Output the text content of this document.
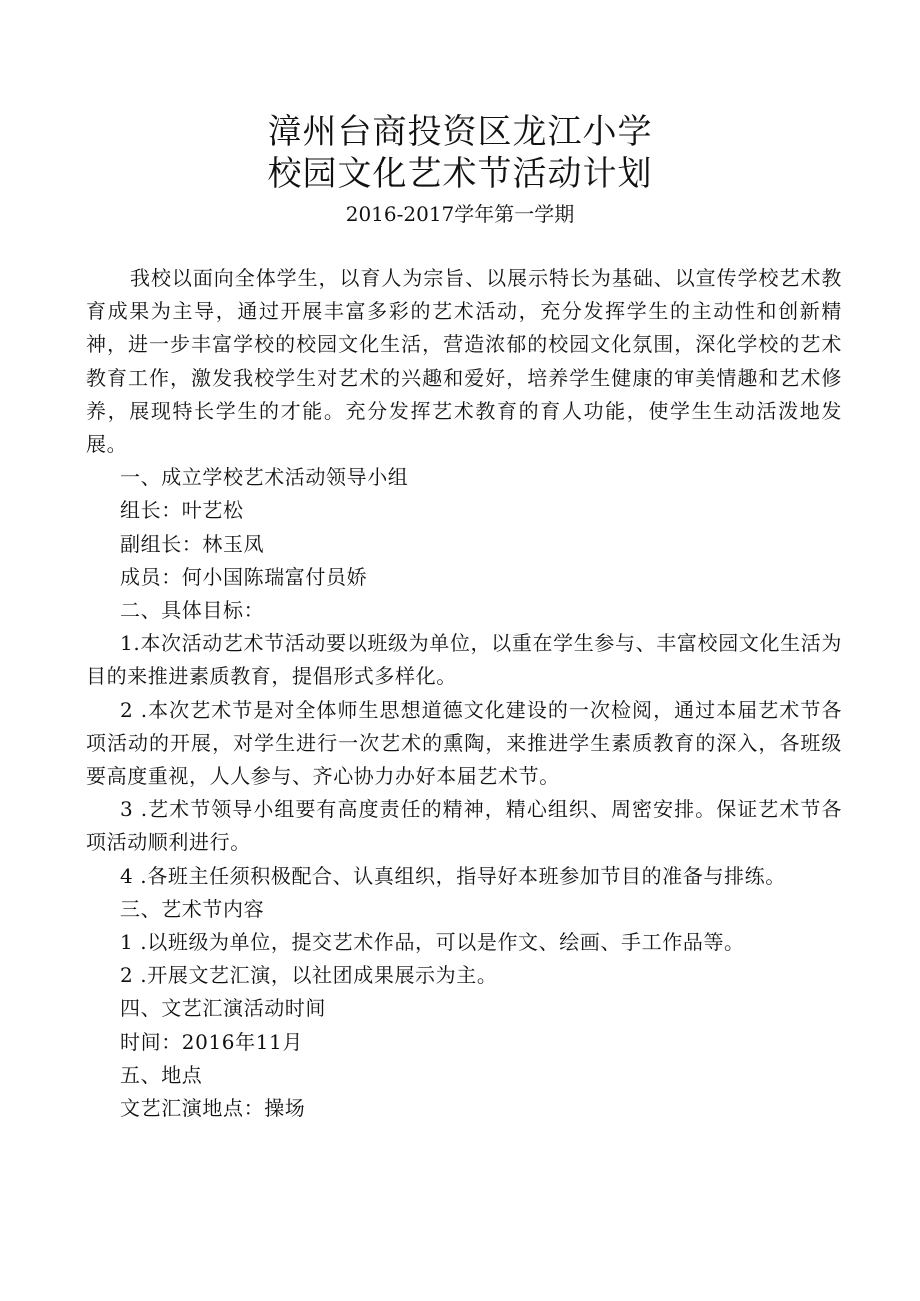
漳州台商投资区龙江小学
校园文化艺术节活动计划
2016-2017学年第一学期

我校以面向全体学生，以育人为宗旨、以展示特长为基础、以宣传学校艺术教育成果为主导，通过开展丰富多彩的艺术活动，充分发挥学生的主动性和创新精神，进一步丰富学校的校园文化生活，营造浓郁的校园文化氛围，深化学校的艺术教育工作，激发我校学生对艺术的兴趣和爱好，培养学生健康的审美情趣和艺术修养，展现特长学生的才能。充分发挥艺术教育的育人功能，使学生生动活泼地发展。

一、成立学校艺术活动领导小组

组长：叶艺松

副组长：林玉凤

成员：何小国陈瑞富付员娇

二、具体目标：

1.本次活动艺术节活动要以班级为单位，以重在学生参与、丰富校园文化生活为目的来推进素质教育，提倡形式多样化。

2 .本次艺术节是对全体师生思想道德文化建设的一次检阅，通过本届艺术节各项活动的开展，对学生进行一次艺术的熏陶，来推进学生素质教育的深入，各班级要高度重视，人人参与、齐心协力办好本届艺术节。

3 .艺术节领导小组要有高度责任的精神，精心组织、周密安排。保证艺术节各项活动顺利进行。

4 .各班主任须积极配合、认真组织，指导好本班参加节目的准备与排练。

三、艺术节内容

1 .以班级为单位，提交艺术作品，可以是作文、绘画、手工作品等。

2 .开展文艺汇演，以社团成果展示为主。

四、文艺汇演活动时间

时间：2016年11月

五、地点

文艺汇演地点：操场
